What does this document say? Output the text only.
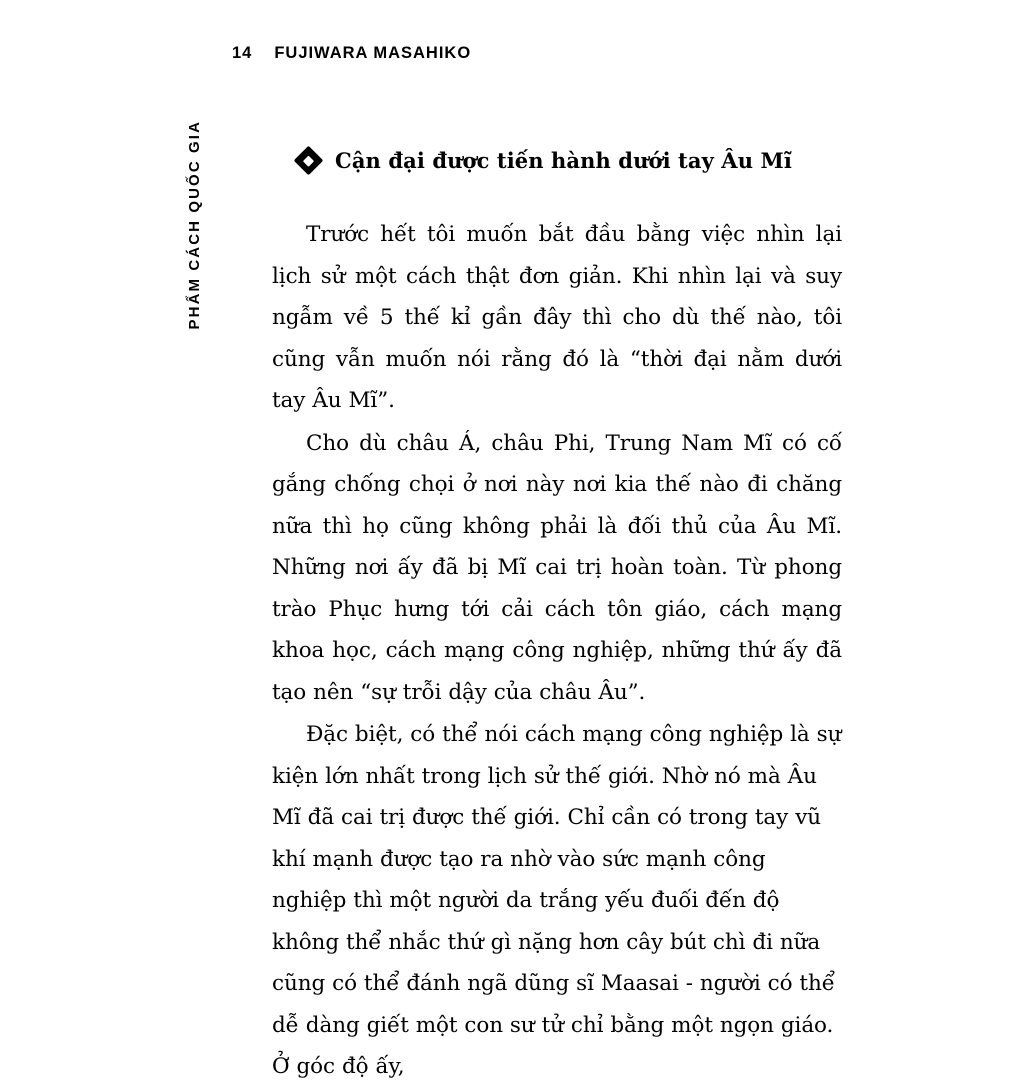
14 FUJIWARA MASAHIKO
PHẨM CÁCH QUỐC GIA	Cận đại được tiến hành dưới tay Âu Mĩ

Trước hết tôi muốn bắt đầu bằng việc nhìn lại lịch sử một cách thật đơn giản. Khi nhìn lại và suy ngẫm về 5 thế kỉ gần đây thì cho dù thế nào, tôi cũng vẫn muốn nói rằng đó là “thời đại nằm dưới tay Âu Mĩ”.

Cho dù châu Á, châu Phi, Trung Nam Mĩ có cố gắng chống chọi ở nơi này nơi kia thế nào đi chăng nữa thì họ cũng không phải là đối thủ của Âu Mĩ. Những nơi ấy đã bị Mĩ cai trị hoàn toàn. Từ phong trào Phục hưng tới cải cách tôn giáo, cách mạng khoa học, cách mạng công nghiệp, những thứ ấy đã tạo nên “sự trỗi dậy của châu Âu”.

Đặc biệt, có thể nói cách mạng công nghiệp là sự kiện lớn nhất trong lịch sử thế giới. Nhờ nó mà Âu Mĩ đã cai trị được thế giới. Chỉ cần có trong tay vũ khí mạnh được tạo ra nhờ vào sức mạnh công nghiệp thì một người da trắng yếu đuối đến độ không thể nhắc thứ gì nặng hơn cây bút chì đi nữa cũng có thể đánh ngã dũng sĩ Maasai - người có thể dễ dàng giết một con sư tử chỉ bằng một ngọn giáo. Ở góc độ ấy,
